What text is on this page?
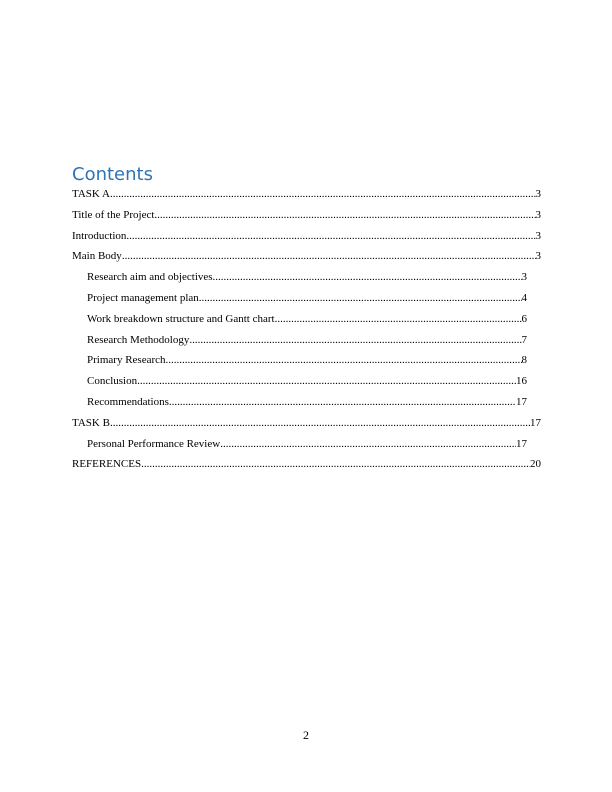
Contents
TASK A .....	3
Title of the Project .....	3
Introduction .....	3
Main Body .....	3
Research aim and objectives .....	3
Project management plan .....	4
Work breakdown structure and Gantt chart .....	6
Research Methodology .....	7
Primary Research .....	8
Conclusion .....	16
Recommendations .....	17
TASK B .....	17
Personal Performance Review .....	17
REFERENCES .....	20
2
